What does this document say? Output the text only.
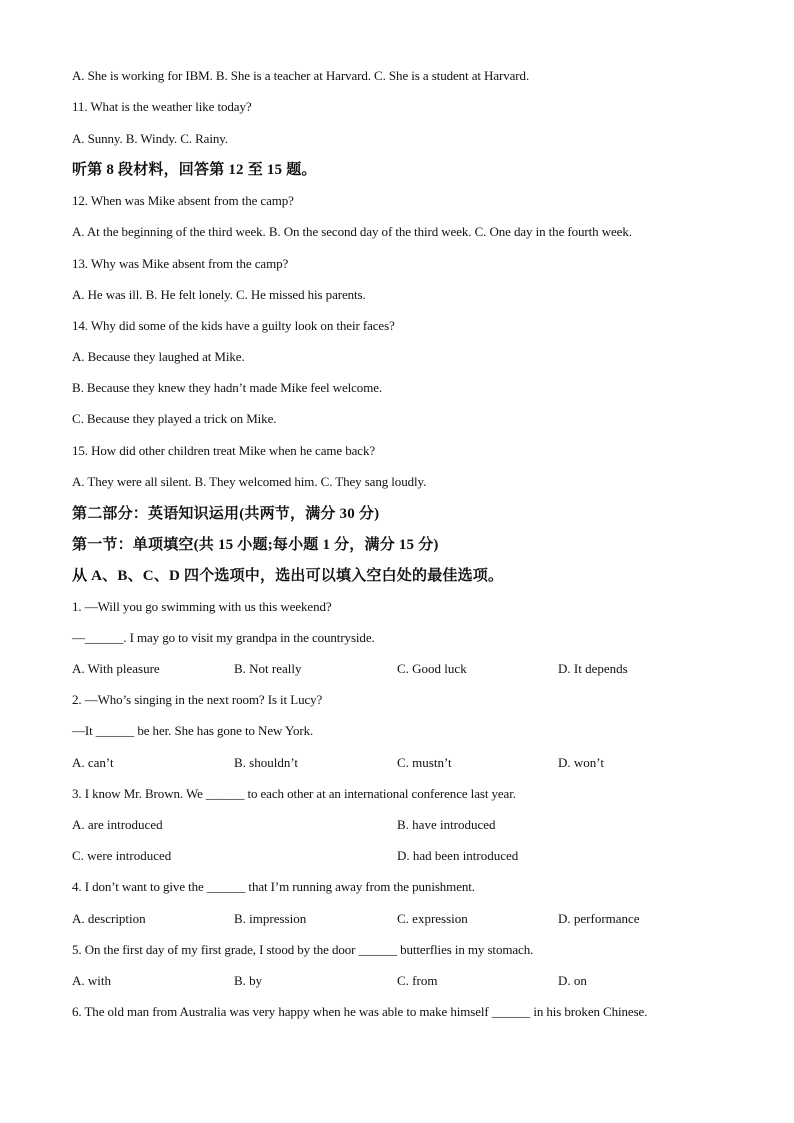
A. She is working for IBM. B. She is a teacher at Harvard. C. She is a student at Harvard.
11. What is the weather like today?
A. Sunny. B. Windy. C. Rainy.
听第 8 段材料，回答第 12 至 15 题。
12. When was Mike absent from the camp?
A. At the beginning of the third week. B. On the second day of the third week. C. One day in the fourth week.
13. Why was Mike absent from the camp?
A. He was ill. B. He felt lonely. C. He missed his parents.
14. Why did some of the kids have a guilty look on their faces?
A. Because they laughed at Mike.
B. Because they knew they hadn’t made Mike feel welcome.
C. Because they played a trick on Mike.
15. How did other children treat Mike when he came back?
A. They were all silent. B. They welcomed him. C. They sang loudly.
第二部分：英语知识运用(共两节，满分 30 分)
第一节：单项填空(共 15 小题;每小题 1 分，满分 15 分)
从 A、B、C、D 四个选项中，选出可以填入空白处的最佳选项。
1. —Will you go swimming with us this weekend?
—______. I may go to visit my grandpa in the countryside.
A. With pleasure	B. Not really	C. Good luck	D. It depends
2. —Who’s singing in the next room? Is it Lucy?
—It ______ be her. She has gone to New York.
A. can’t	B. shouldn’t	C. mustn’t	D. won’t
3. I know Mr. Brown. We ______ to each other at an international conference last year.
A. are introduced	B. have introduced
C. were introduced	D. had been introduced
4. I don’t want to give the ______ that I’m running away from the punishment.
A. description	B. impression	C. expression	D. performance
5. On the first day of my first grade, I stood by the door ______ butterflies in my stomach.
A. with	B. by	C. from	D. on
6. The old man from Australia was very happy when he was able to make himself ______ in his broken Chinese.
